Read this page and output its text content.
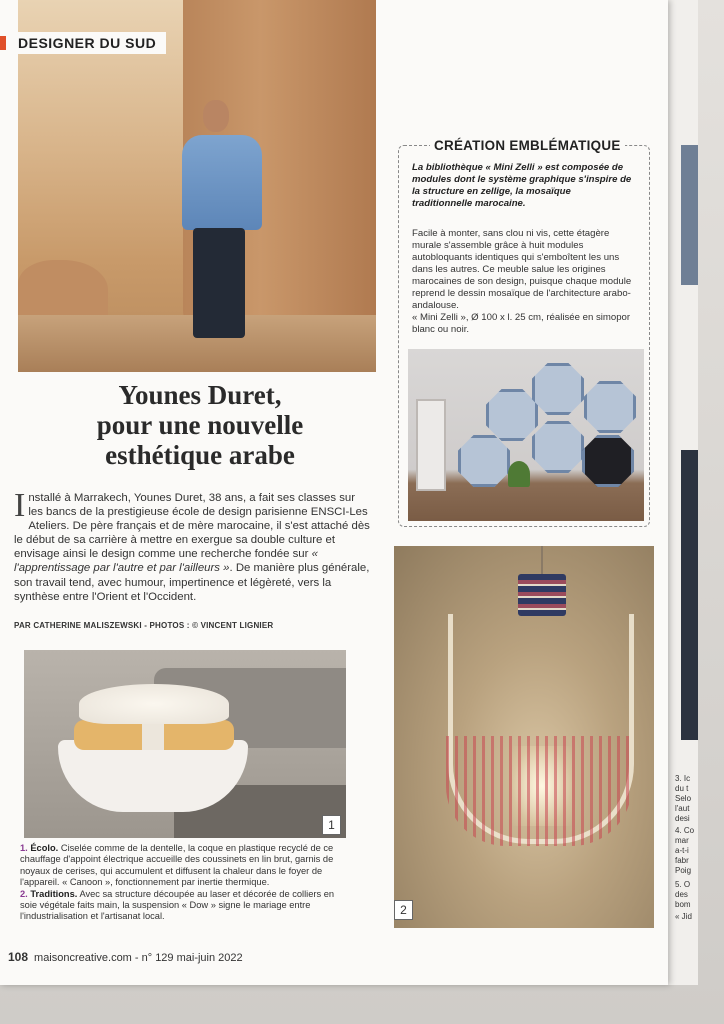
3. Ic
du t
Selo
l'aut
desi
4. Co
mar
a-t-i
fabr
Poig
5. O
des
bom
« Jid
DESIGNER DU SUD
Younes Duret,
pour une nouvelle
esthétique arabe

Installé à Marrakech, Younes Duret, 38 ans, a fait ses classes sur les bancs de la prestigieuse école de design parisienne ENSCI-Les Ateliers. De père français et de mère marocaine, il s'est attaché dès le début de sa carrière à mettre en exergue sa double culture et envisage ainsi le design comme une recherche fondée sur « l'apprentissage par l'autre et par l'ailleurs ». De manière plus générale, son travail tend, avec humour, impertinence et légèreté, vers la synthèse entre l'Orient et l'Occident.

PAR CATHERINE MALISZEWSKI - PHOTOS : © VINCENT LIGNIER
1

1. Écolo. Ciselée comme de la dentelle, la coque en plastique recyclé de ce chauffage d'appoint électrique accueille des coussinets en lin brut, garnis de noyaux de cerises, qui accumulent et diffusent la chaleur dans le foyer de l'appareil. « Canoon », fonctionnement par inertie thermique.

2. Traditions. Avec sa structure découpée au laser et décorée de colliers en soie végétale faits main, la suspension « Dow » signe le mariage entre l'industrialisation et l'artisanat local.

108 maisoncreative.com - n° 129 mai-juin 2022
CRÉATION EMBLÉMATIQUE

La bibliothèque « Mini Zelli » est composée de modules dont le système graphique s'inspire de la structure en zellige, la mosaïque traditionnelle marocaine.

Facile à monter, sans clou ni vis, cette étagère murale s'assemble grâce à huit modules autobloquants identiques qui s'emboîtent les uns dans les autres. Ce meuble salue les origines marocaines de son design, puisque chaque module reprend le dessin mosaïque de l'architecture arabo-andalouse.

« Mini Zelli », Ø 100 x l. 25 cm, réalisée en simopor blanc ou noir.

2
